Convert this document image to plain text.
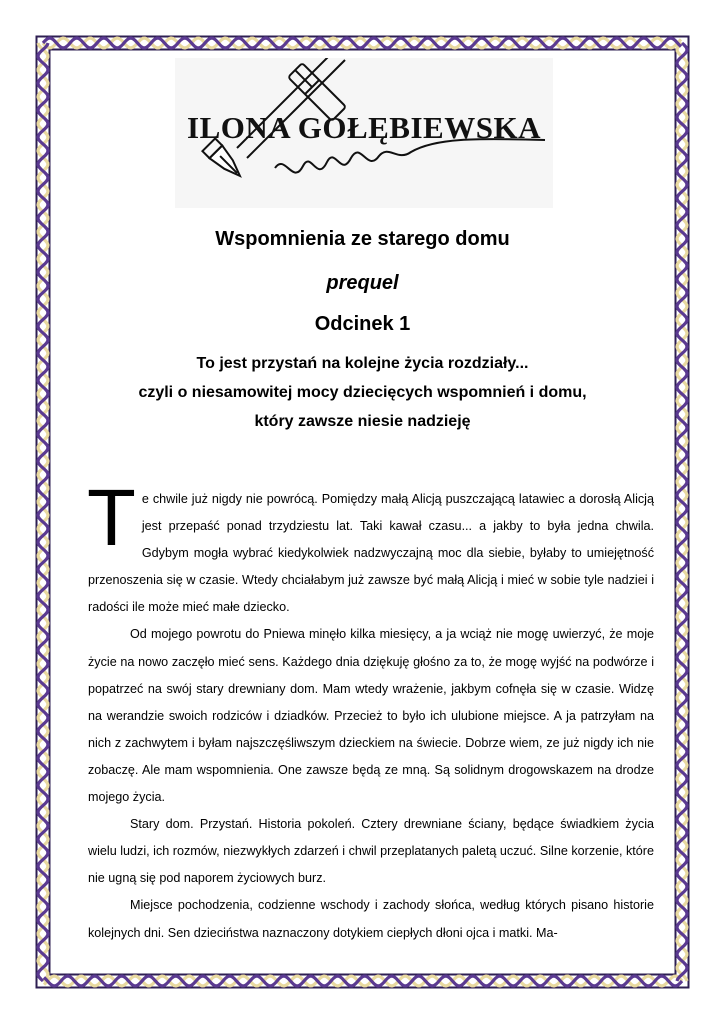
ILONA GOŁĘBIEWSKA
Wspomnienia ze starego domu
prequel
Odcinek 1
To jest przystań na kolejne życia rozdziały...
czyli o niesamowitej mocy dziecięcych wspomnień i domu,
który zawsze niesie nadzieję

Te chwile już nigdy nie powrócą. Pomiędzy małą Alicją puszczającą latawiec a dorosłą Alicją jest przepaść ponad trzydziestu lat. Taki kawał czasu... a jakby to była jedna chwila. Gdybym mogła wybrać kiedykolwiek nadzwyczajną moc dla siebie, byłaby to umiejętność przenoszenia się w czasie. Wtedy chciałabym już zawsze być małą Alicją i mieć w sobie tyle nadziei i radości ile może mieć małe dziecko.

Od mojego powrotu do Pniewa minęło kilka miesięcy, a ja wciąż nie mogę uwierzyć, że moje życie na nowo zaczęło mieć sens. Każdego dnia dziękuję głośno za to, że mogę wyjść na podwórze i popatrzeć na swój stary drewniany dom. Mam wtedy wrażenie, jakbym cofnęła się w czasie. Widzę na werandzie swoich rodziców i dziadków. Przecież to było ich ulubione miejsce. A ja patrzyłam na nich z zachwytem i byłam najszczęśliwszym dzieckiem na świecie. Dobrze wiem, ze już nigdy ich nie zobaczę. Ale mam wspomnienia. One zawsze będą ze mną. Są solidnym drogowskazem na drodze mojego życia.

Stary dom. Przystań. Historia pokoleń. Cztery drewniane ściany, będące świadkiem życia wielu ludzi, ich rozmów, niezwykłych zdarzeń i chwil przeplatanych paletą uczuć. Silne korzenie, które nie ugną się pod naporem życiowych burz.

Miejsce pochodzenia, codzienne wschody i zachody słońca, według których pisano historie kolejnych dni. Sen dzieciństwa naznaczony dotykiem ciepłych dłoni ojca i matki. Ma-
